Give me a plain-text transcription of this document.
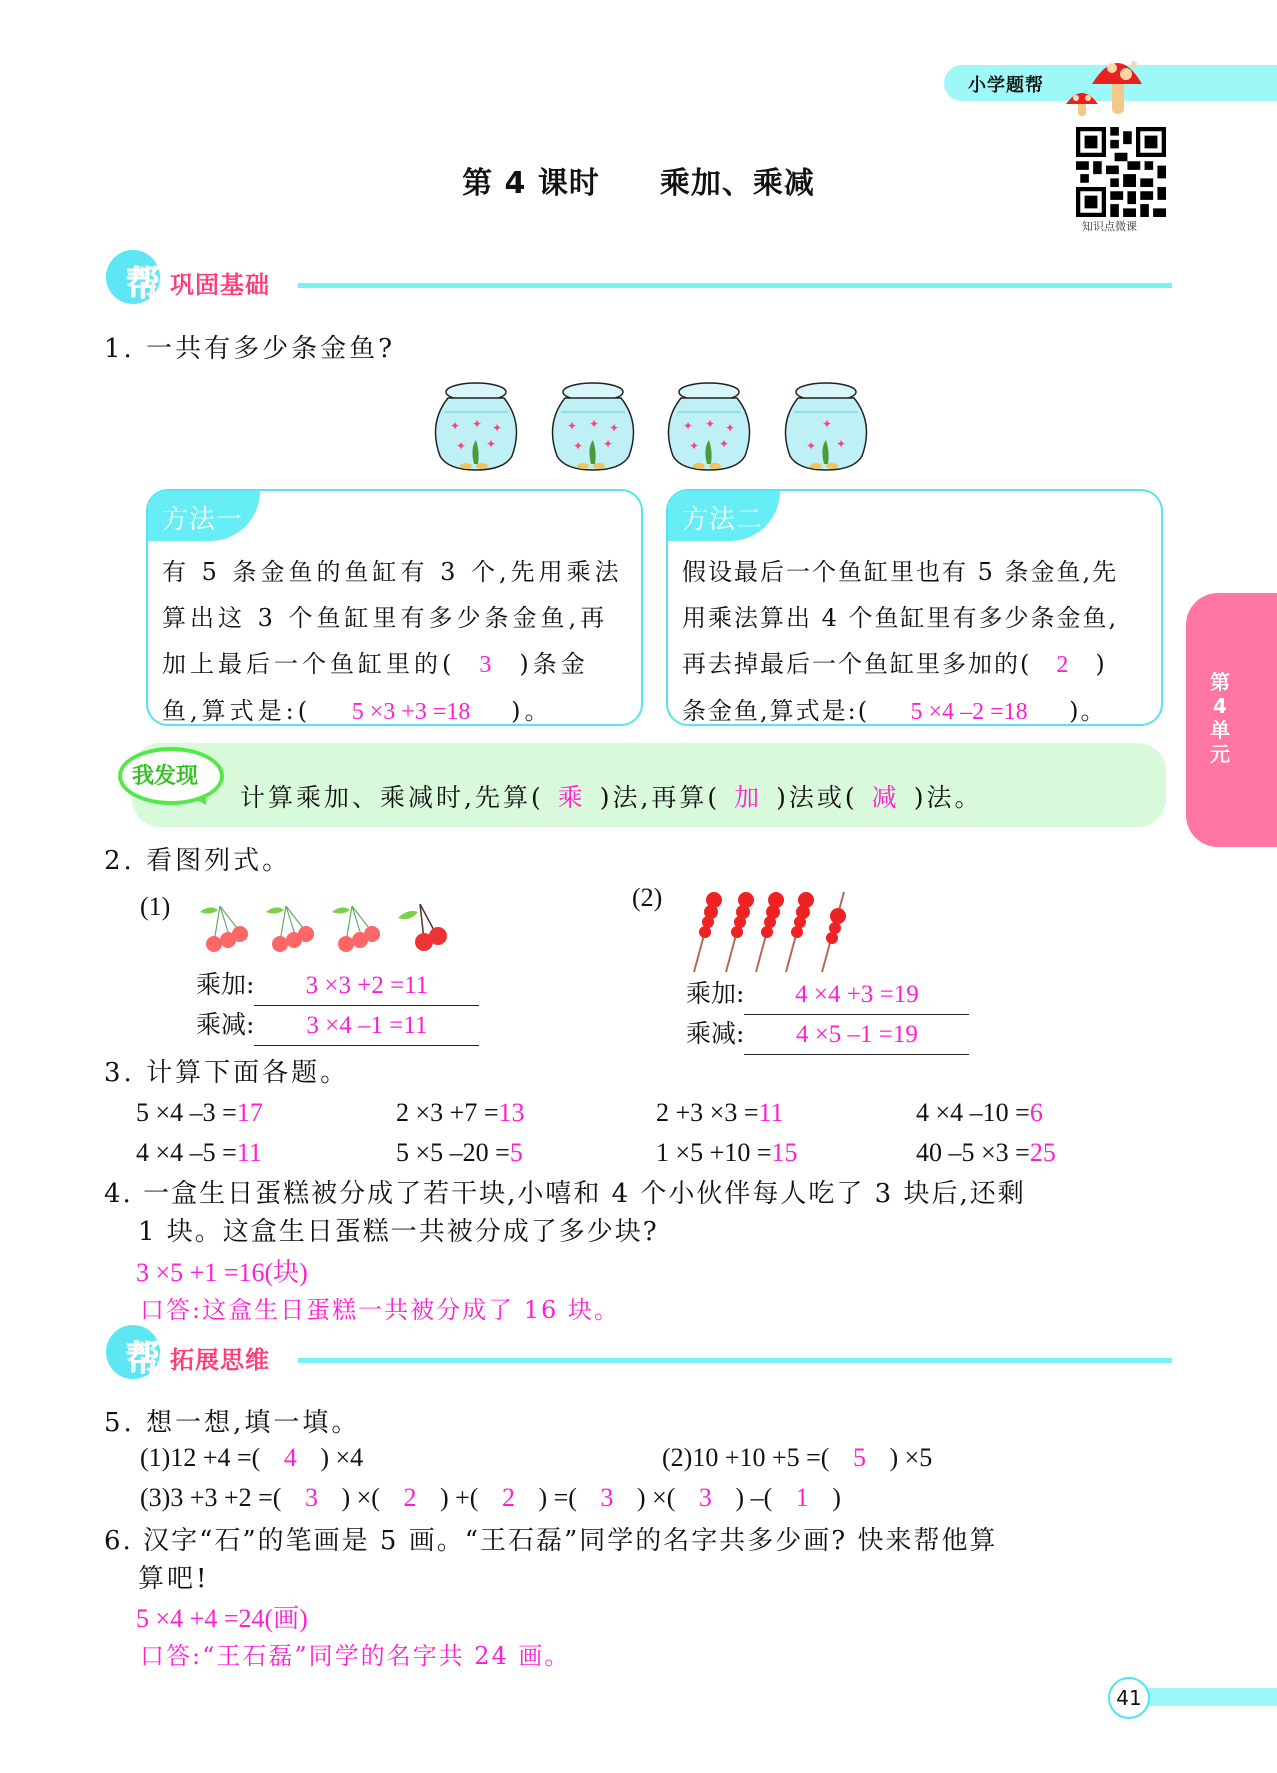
小学题帮
知识点微课
第 4 课时 乘加、乘减
帮 巩固基础
1. 一共有多少条金鱼?
✦ ✦ ✦
✦ ✦
✦ ✦ ✦
✦ ✦
✦ ✦ ✦
✦ ✦
✦
✦ ✦
方法一
有 5 条金鱼的鱼缸有 3 个,先用乘法
算出这 3 个鱼缸里有多少条金鱼,再
加上最后一个鱼缸里的( 3 )条金
鱼,算式是:( 5 ×3 +3 =18 )。
方法二
假设最后一个鱼缸里也有 5 条金鱼,先
用乘法算出 4 个鱼缸里有多少条金鱼,
再去掉最后一个鱼缸里多加的( 2 )
条金鱼,算式是:( 5 ×4 –2 =18 )。
我发现
计算乘加、乘减时,先算( 乘 )法,再算( 加 )法或( 减 )法。
2. 看图列式。
(1)
乘加: 3 ×3 +2 =11
乘减: 3 ×4 –1 =11
(2)
乘加: 4 ×4 +3 =19
乘减: 4 ×5 –1 =19
3. 计算下面各题。
5 ×4 –3 =17	2 ×3 +7 =13	2 +3 ×3 =11	4 ×4 –10 =6
4 ×4 –5 =11	5 ×5 –20 =5	1 ×5 +10 =15	40 –5 ×3 =25
4. 一盒生日蛋糕被分成了若干块,小嘻和 4 个小伙伴每人吃了 3 块后,还剩
1 块。这盒生日蛋糕一共被分成了多少块?
3 ×5 +1 =16(块)
口答:这盒生日蛋糕一共被分成了 16 块。
帮 拓展思维
5. 想一想,填一填。
(1)12 +4 =( 4 ) ×4	(2)10 +10 +5 =( 5 ) ×5
(3)3 +3 +2 =( 3 ) ×( 2 ) +( 2 ) =( 3 ) ×( 3 ) –( 1 )
6. 汉字“石”的笔画是 5 画。“王石磊”同学的名字共多少画? 快来帮他算
算吧!
5 ×4 +4 =24(画)
口答:“王石磊”同学的名字共 24 画。
第
4
单
元
41
